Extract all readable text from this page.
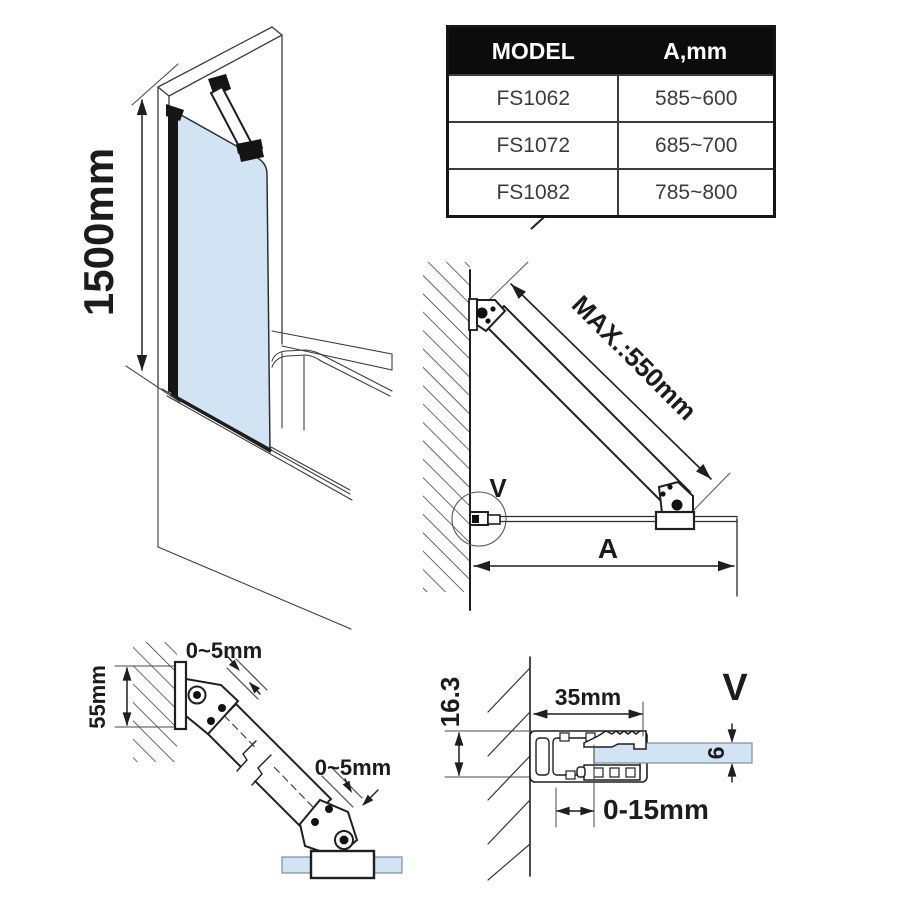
1500mm
V
MAX.:550mm
A
55mm
0~5mm
0~5mm
16.3	35mm
6
0-15mm
V
MODEL	A,mm
FS1062	585~600
FS1072	685~700
FS1082	785~800
